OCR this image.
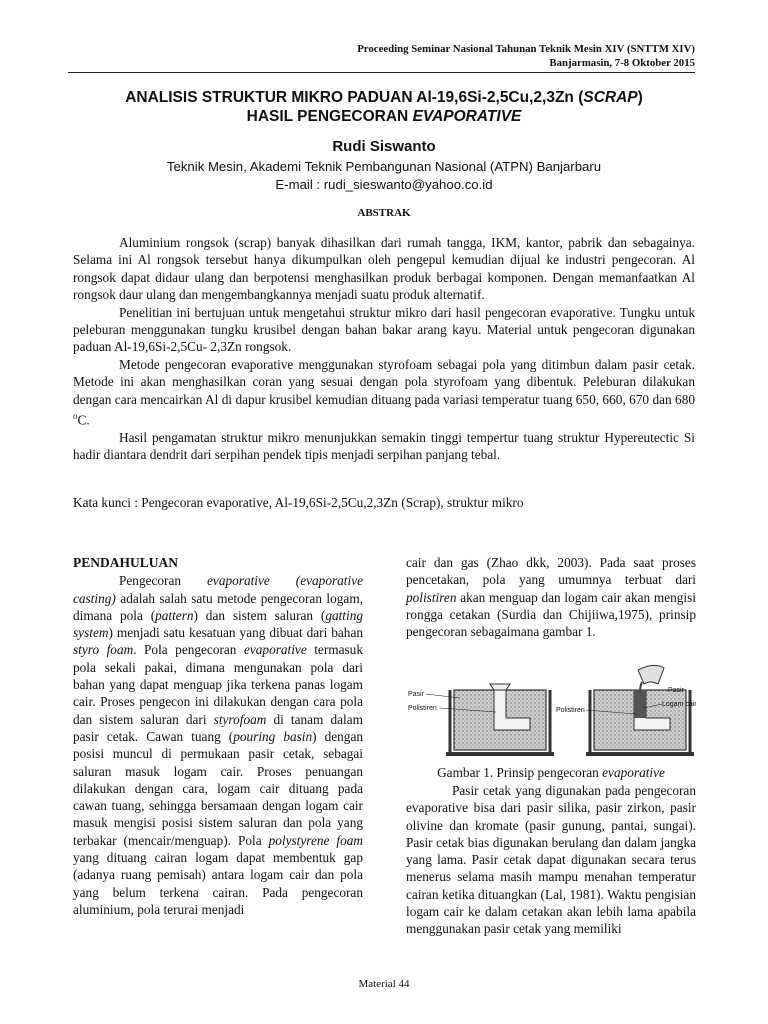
Proceeding Seminar Nasional Tahunan Teknik Mesin XIV (SNTTM XIV)
Banjarmasin, 7-8 Oktober 2015
ANALISIS STRUKTUR MIKRO PADUAN Al-19,6Si-2,5Cu,2,3Zn (SCRAP)
HASIL PENGECORAN EVAPORATIVE
Rudi Siswanto
Teknik Mesin, Akademi Teknik Pembangunan Nasional (ATPN) Banjarbaru
E-mail : rudi_sieswanto@yahoo.co.id
ABSTRAK

Aluminium rongsok (scrap) banyak dihasilkan dari rumah tangga, IKM, kantor, pabrik dan sebagainya. Selama ini Al rongsok tersebut hanya dikumpulkan oleh pengepul kemudian dijual ke industri pengecoran. Al rongsok dapat didaur ulang dan berpotensi menghasilkan produk berbagai komponen. Dengan memanfaatkan Al rongsok daur ulang dan mengembangkannya menjadi suatu produk alternatif.

Penelitian ini bertujuan untuk mengetahui struktur mikro dari hasil pengecoran evaporative. Tungku untuk peleburan menggunakan tungku krusibel dengan bahan bakar arang kayu. Material untuk pengecoran digunakan paduan Al-19,6Si-2,5Cu- 2,3Zn rongsok.

Metode pengecoran evaporative menggunakan styrofoam sebagai pola yang ditimbun dalam pasir cetak. Metode ini akan menghasilkan coran yang sesuai dengan pola styrofoam yang dibentuk. Peleburan dilakukan dengan cara mencairkan Al di dapur krusibel kemudian dituang pada variasi temperatur tuang 650, 660, 670 dan 680 $^o$C.

Hasil pengamatan struktur mikro menunjukkan semakin tinggi tempertur tuang struktur Hypereutectic Si hadir diantara dendrit dari serpihan pendek tipis menjadi serpihan panjang tebal.

Kata kunci : Pengecoran evaporative, Al-19,6Si-2,5Cu,2,3Zn (Scrap), struktur mikro
PENDAHULUAN

Pengecoran evaporative (evaporative casting) adalah salah satu metode pengecoran logam, dimana pola (pattern) dan sistem saluran (gatting system) menjadi satu kesatuan yang dibuat dari bahan styro foam. Pola pengecoran evaporative termasuk pola sekali pakai, dimana mengunakan pola dari bahan yang dapat menguap jika terkena panas logam cair. Proses pengecon ini dilakukan dengan cara pola dan sistem saluran dari styrofoam di tanam dalam pasir cetak. Cawan tuang (pouring basin) dengan posisi muncul di permukaan pasir cetak, sebagai saluran masuk logam cair. Proses penuangan dilakukan dengan cara, logam cair dituang pada cawan tuang, sehingga bersamaan dengan logam cair masuk mengisi posisi sistem saluran dan pola yang terbakar (mencair/menguap). Pola polystyrene foam yang dituang cairan logam dapat membentuk gap (adanya ruang pemisah) antara logam cair dan pola yang belum terkena cairan. Pada pengecoran aluminium, pola terurai menjadi

cair dan gas (Zhao dkk, 2003). Pada saat proses pencetakan, pola yang umumnya terbuat dari polistiren akan menguap dan logam cair akan mengisi rongga cetakan (Surdia dan Chijiiwa,1975), prinsip pengecoran sebagaimana gambar 1.
Pasir
Polistiren	Polistiren
Pasir
Logam cair
Gambar 1. Prinsip pengecoran evaporative

Pasir cetak yang digunakan pada pengecoran evaporative bisa dari pasir silika, pasir zirkon, pasir olivine dan kromate (pasir gunung, pantai, sungai). Pasir cetak bias digunakan berulang dan dalam jangka yang lama. Pasir cetak dapat digunakan secara terus menerus selama masih mampu menahan temperatur cairan ketika dituangkan (Lal, 1981). Waktu pengisian logam cair ke dalam cetakan akan lebih lama apabila menggunakan pasir cetak yang memiliki

Material 44
